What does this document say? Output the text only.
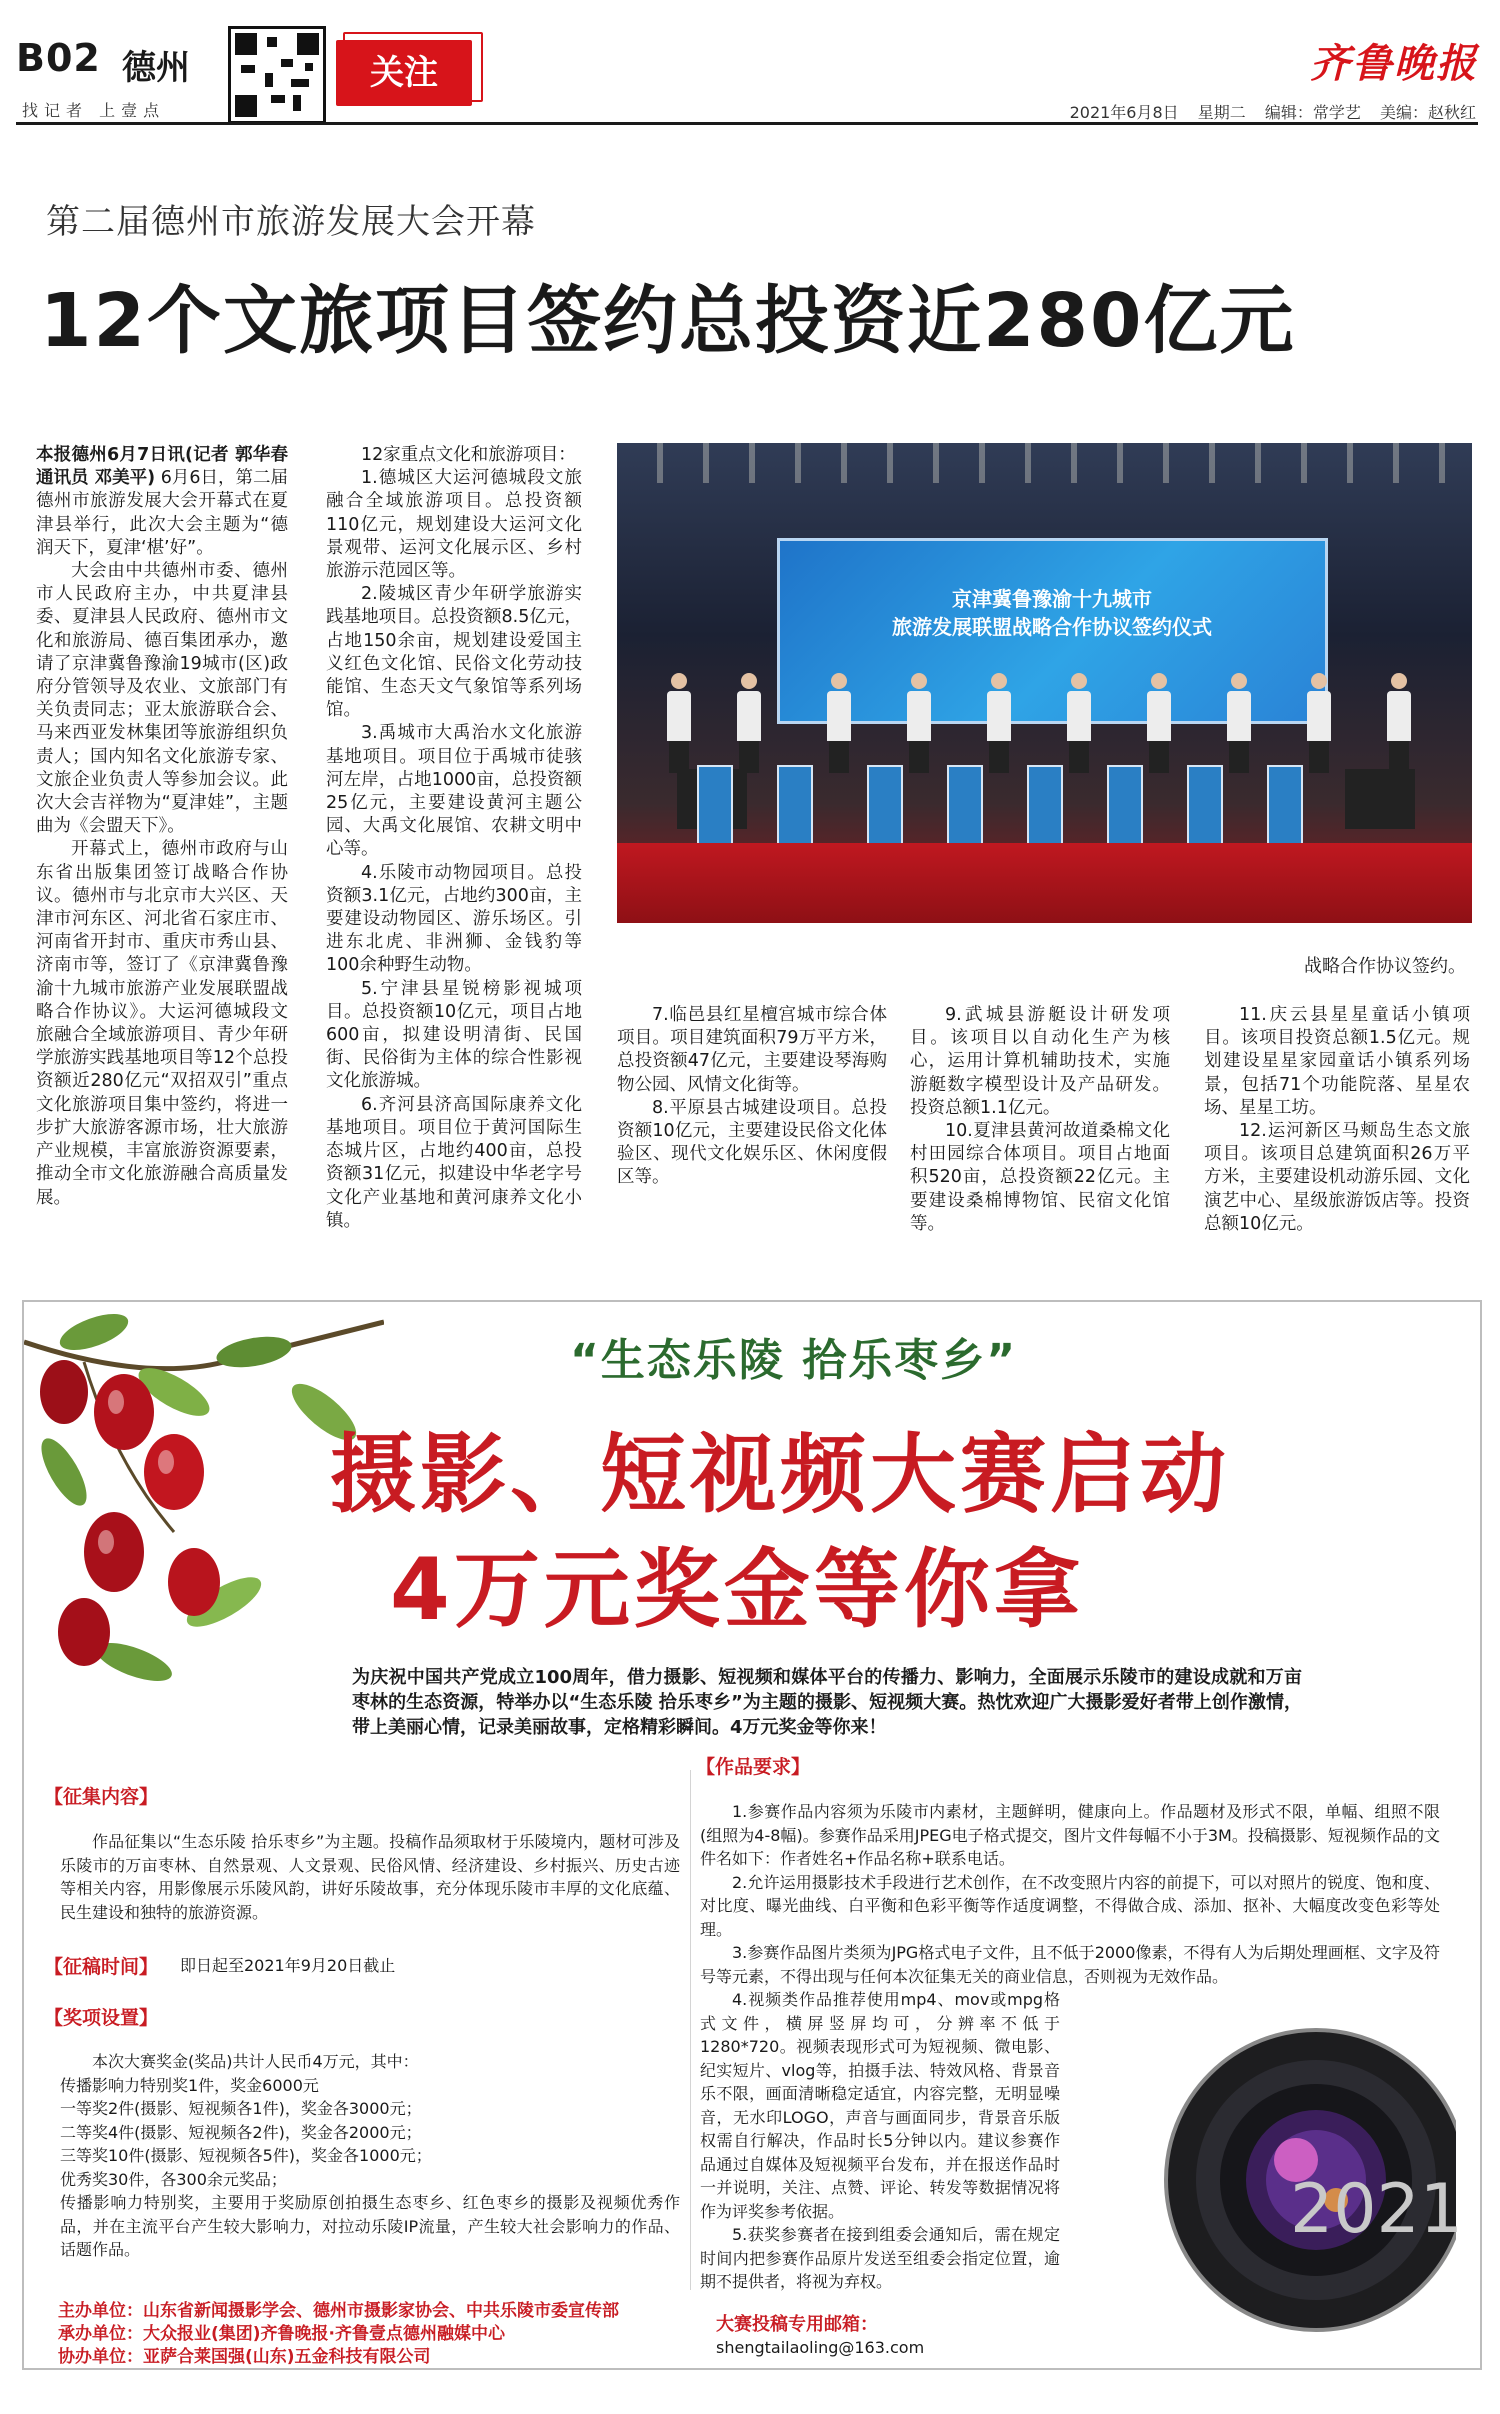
B02 德州	关注	齐鲁晚报
找记者 上壹点	2021年6月8日 星期二 编辑：常学艺 美编：赵秋红
第二届德州市旅游发展大会开幕
12个文旅项目签约总投资近280亿元

本报德州6月7日讯(记者 郭华春 通讯员 邓美平) 6月6日，第二届德州市旅游发展大会开幕式在夏津县举行，此次大会主题为“德润天下，夏津‘椹’好”。

大会由中共德州市委、德州市人民政府主办，中共夏津县委、夏津县人民政府、德州市文化和旅游局、德百集团承办，邀请了京津冀鲁豫渝19城市(区)政府分管领导及农业、文旅部门有关负责同志；亚太旅游联合会、马来西亚发林集团等旅游组织负责人；国内知名文化旅游专家、文旅企业负责人等参加会议。此次大会吉祥物为“夏津娃”，主题曲为《会盟天下》。

开幕式上，德州市政府与山东省出版集团签订战略合作协议。德州市与北京市大兴区、天津市河东区、河北省石家庄市、河南省开封市、重庆市秀山县、济南市等，签订了《京津冀鲁豫渝十九城市旅游产业发展联盟战略合作协议》。大运河德城段文旅融合全域旅游项目、青少年研学旅游实践基地项目等12个总投资额近280亿元“双招双引”重点文化旅游项目集中签约，将进一步扩大旅游客源市场，壮大旅游产业规模，丰富旅游资源要素，推动全市文化旅游融合高质量发展。

12家重点文化和旅游项目：

1.德城区大运河德城段文旅融合全域旅游项目。总投资额110亿元，规划建设大运河文化景观带、运河文化展示区、乡村旅游示范园区等。

2.陵城区青少年研学旅游实践基地项目。总投资额8.5亿元，占地150余亩，规划建设爱国主义红色文化馆、民俗文化劳动技能馆、生态天文气象馆等系列场馆。

3.禹城市大禹治水文化旅游基地项目。项目位于禹城市徒骇河左岸，占地1000亩，总投资额25亿元，主要建设黄河主题公园、大禹文化展馆、农耕文明中心等。

4.乐陵市动物园项目。总投资额3.1亿元，占地约300亩，主要建设动物园区、游乐场区。引进东北虎、非洲狮、金钱豹等100余种野生动物。

5.宁津县星锐榜影视城项目。总投资额10亿元，项目占地600亩，拟建设明清街、民国街、民俗街为主体的综合性影视文化旅游城。

6.齐河县济高国际康养文化基地项目。项目位于黄河国际生态城片区，占地约400亩，总投资额31亿元，拟建设中华老字号文化产业基地和黄河康养文化小镇。

京津冀鲁豫渝十九城市
旅游发展联盟战略合作协议签约仪式
战略合作协议签约。

7.临邑县红星檀宫城市综合体项目。项目建筑面积79万平方米，总投资额47亿元，主要建设琴海购物公园、风情文化街等。

8.平原县古城建设项目。总投资额10亿元，主要建设民俗文化体验区、现代文化娱乐区、休闲度假区等。

9.武城县游艇设计研发项目。该项目以自动化生产为核心，运用计算机辅助技术，实施游艇数字模型设计及产品研发。投资总额1.1亿元。

10.夏津县黄河故道桑棉文化村田园综合体项目。项目占地面积520亩，总投资额22亿元。主要建设桑棉博物馆、民宿文化馆等。

11.庆云县星星童话小镇项目。该项目投资总额1.5亿元。规划建设星星家园童话小镇系列场景，包括71个功能院落、星星农场、星星工坊。

12.运河新区马颊岛生态文旅项目。该项目总建筑面积26万平方米，主要建设机动游乐园、文化演艺中心、星级旅游饭店等。投资总额10亿元。

“生态乐陵 拾乐枣乡”
摄影、短视频大赛启动
4万元奖金等你拿
为庆祝中国共产党成立100周年，借力摄影、短视频和媒体平台的传播力、影响力，全面展示乐陵市的建设成就和万亩枣林的生态资源，特举办以“生态乐陵 拾乐枣乡”为主题的摄影、短视频大赛。热忱欢迎广大摄影爱好者带上创作激情，带上美丽心情，记录美丽故事，定格精彩瞬间。4万元奖金等你来！
【征集内容】

作品征集以“生态乐陵 拾乐枣乡”为主题。投稿作品须取材于乐陵境内，题材可涉及乐陵市的万亩枣林、自然景观、人文景观、民俗风情、经济建设、乡村振兴、历史古迹等相关内容，用影像展示乐陵风韵，讲好乐陵故事，充分体现乐陵市丰厚的文化底蕴、民生建设和独特的旅游资源。

【征稿时间】 即日起至2021年9月20日截止
【奖项设置】

本次大赛奖金(奖品)共计人民币4万元，其中：

传播影响力特别奖1件，奖金6000元

一等奖2件(摄影、短视频各1件)，奖金各3000元；

二等奖4件(摄影、短视频各2件)，奖金各2000元；

三等奖10件(摄影、短视频各5件)，奖金各1000元；

优秀奖30件，各300余元奖品；

传播影响力特别奖，主要用于奖励原创拍摄生态枣乡、红色枣乡的摄影及视频优秀作品，并在主流平台产生较大影响力，对拉动乐陵IP流量，产生较大社会影响力的作品、话题作品。

【作品要求】

1.参赛作品内容须为乐陵市内素材，主题鲜明，健康向上。作品题材及形式不限，单幅、组照不限(组照为4-8幅)。参赛作品采用JPEG电子格式提交，图片文件每幅不小于3M。投稿摄影、短视频作品的文件名如下：作者姓名+作品名称+联系电话。

2.允许运用摄影技术手段进行艺术创作，在不改变照片内容的前提下，可以对照片的锐度、饱和度、对比度、曝光曲线、白平衡和色彩平衡等作适度调整，不得做合成、添加、抠补、大幅度改变色彩等处理。

3.参赛作品图片类须为JPG格式电子文件，且不低于2000像素，不得有人为后期处理画框、文字及符号等元素，不得出现与任何本次征集无关的商业信息，否则视为无效作品。

4.视频类作品推荐使用mp4、mov或mpg格式文件，横屏竖屏均可，分辨率不低于1280*720。视频表现形式可为短视频、微电影、纪实短片、vlog等，拍摄手法、特效风格、背景音乐不限，画面清晰稳定适宜，内容完整，无明显噪音，无水印LOGO，声音与画面同步，背景音乐版权需自行解决，作品时长5分钟以内。建议参赛作品通过自媒体及短视频平台发布，并在报送作品时一并说明，关注、点赞、评论、转发等数据情况将作为评奖参考依据。

5.获奖参赛者在接到组委会通知后，需在规定时间内把参赛作品原片发送至组委会指定位置，逾期不提供者，将视为弃权。

2021
主办单位：山东省新闻摄影学会、德州市摄影家协会、中共乐陵市委宣传部
承办单位：大众报业(集团)齐鲁晚报·齐鲁壹点德州融媒中心
协办单位：亚萨合莱国强(山东)五金科技有限公司
大赛投稿专用邮箱：
shengtailaoling@163.com
